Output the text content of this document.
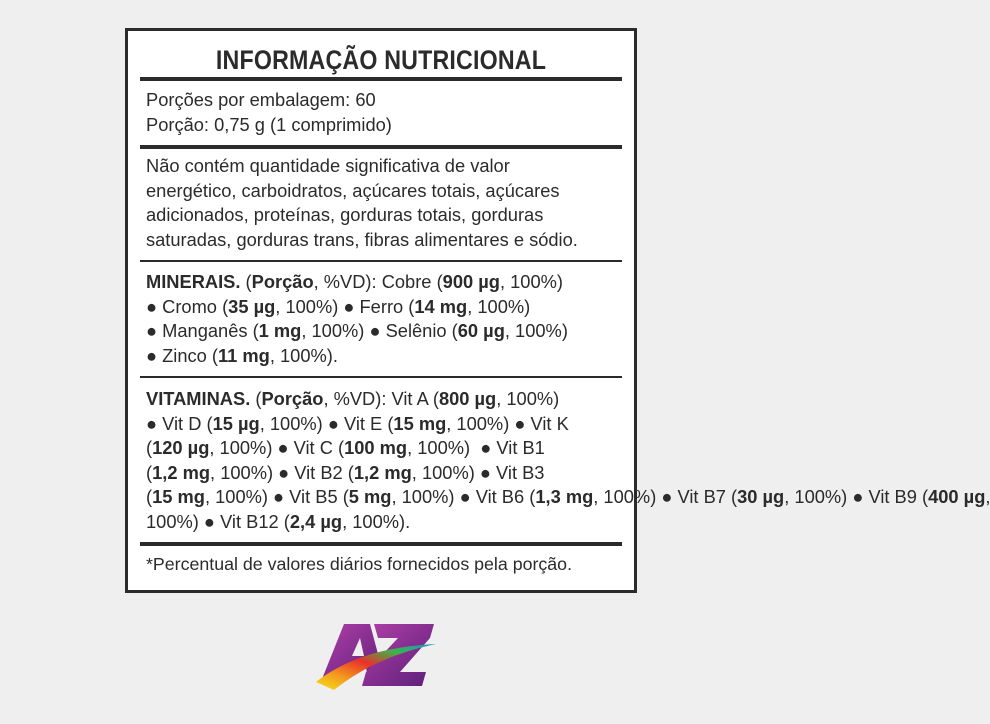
INFORMAÇÃO NUTRICIONAL
Porções por embalagem: 60
Porção: 0,75 g (1 comprimido)
Não contém quantidade significativa de valor
energético, carboidratos, açúcares totais, açúcares
adicionados, proteínas, gorduras totais, gorduras
saturadas, gorduras trans, fibras alimentares e sódio.
MINERAIS. (Porção, %VD): Cobre (900 µg, 100%)
● Cromo (35 µg, 100%) ● Ferro (14 mg, 100%)
● Manganês (1 mg, 100%) ● Selênio (60 µg, 100%)
● Zinco (11 mg, 100%).
VITAMINAS. (Porção, %VD): Vit A (800 µg, 100%)
● Vit D (15 µg, 100%) ● Vit E (15 mg, 100%) ● Vit K
(120 µg, 100%) ● Vit C (100 mg, 100%)  ● Vit B1
(1,2 mg, 100%) ● Vit B2 (1,2 mg, 100%) ● Vit B3
(15 mg, 100%) ● Vit B5 (5 mg, 100%) ● Vit B6 (1,3 mg, 100%) ● Vit B7 (30 µg, 100%) ● Vit B9 (400 µg,
100%) ● Vit B12 (2,4 µg, 100%).
*Percentual de valores diários fornecidos pela porção.
